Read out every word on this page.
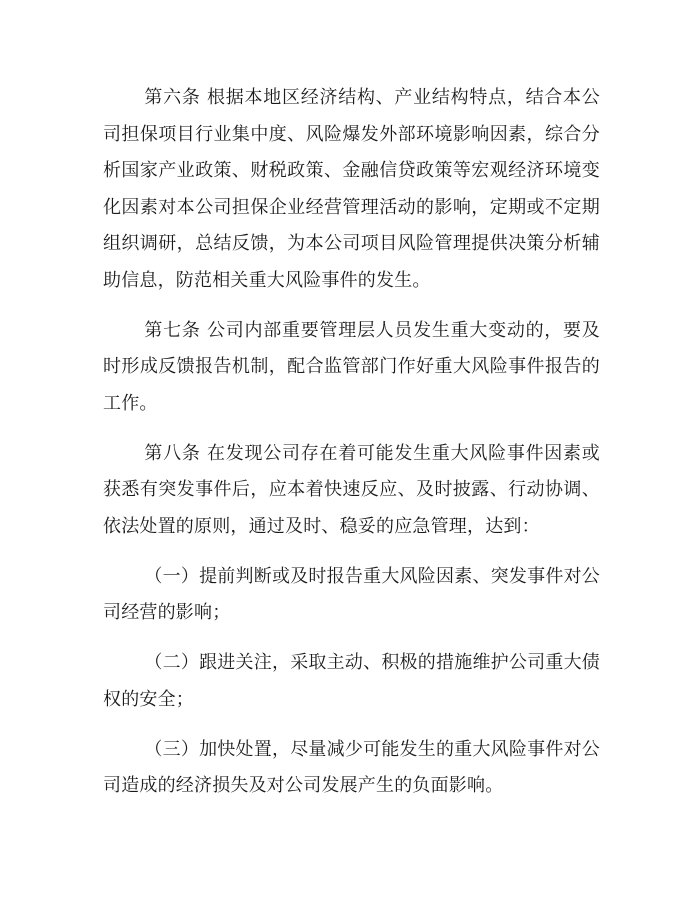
第六条 根据本地区经济结构、产业结构特点，结合本公司担保项目行业集中度、风险爆发外部环境影响因素，综合分析国家产业政策、财税政策、金融信贷政策等宏观经济环境变化因素对本公司担保企业经营管理活动的影响，定期或不定期组织调研，总结反馈，为本公司项目风险管理提供决策分析辅助信息，防范相关重大风险事件的发生。

第七条 公司内部重要管理层人员发生重大变动的，要及时形成反馈报告机制，配合监管部门作好重大风险事件报告的工作。

第八条 在发现公司存在着可能发生重大风险事件因素或获悉有突发事件后，应本着快速反应、及时披露、行动协调、依法处置的原则，通过及时、稳妥的应急管理，达到：

（一）提前判断或及时报告重大风险因素、突发事件对公司经营的影响；

（二）跟进关注，采取主动、积极的措施维护公司重大债权的安全；

（三）加快处置，尽量减少可能发生的重大风险事件对公司造成的经济损失及对公司发展产生的负面影响。
